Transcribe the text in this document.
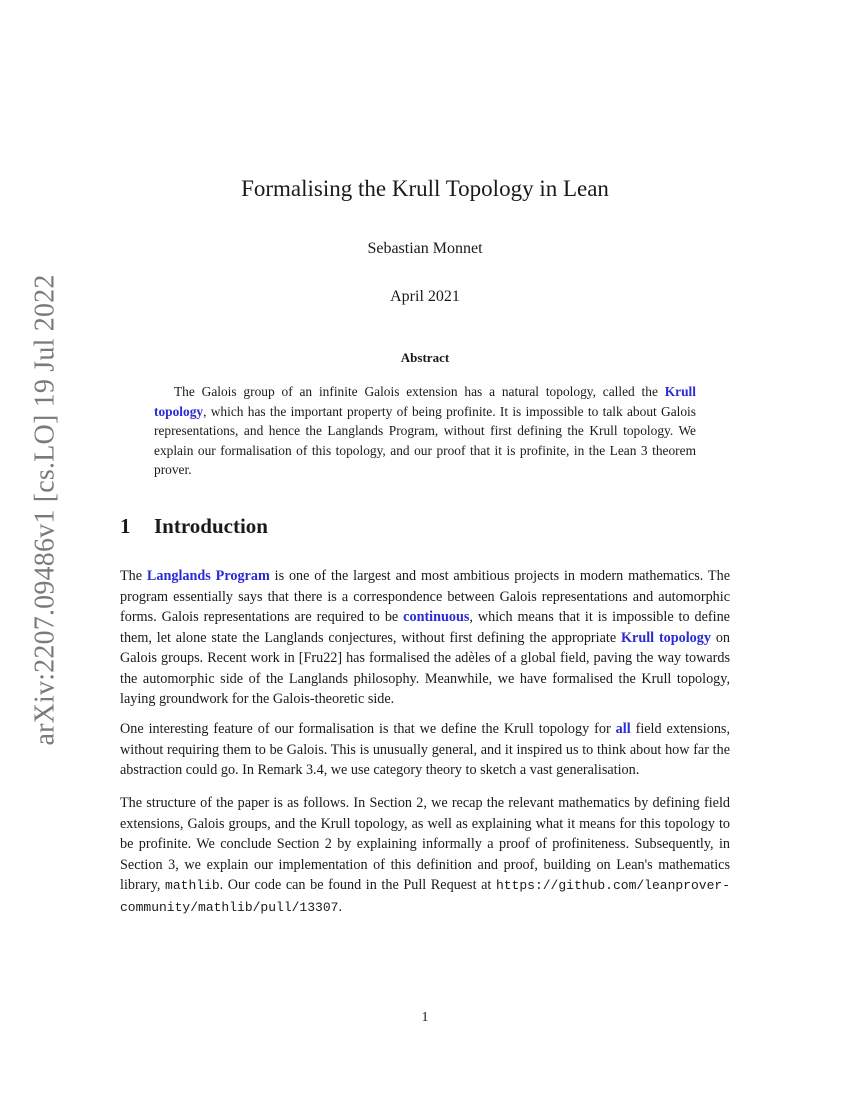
arXiv:2207.09486v1 [cs.LO] 19 Jul 2022
Formalising the Krull Topology in Lean
Sebastian Monnet
April 2021
Abstract

The Galois group of an infinite Galois extension has a natural topology, called the Krull topology, which has the important property of being profinite. It is impossible to talk about Galois representations, and hence the Langlands Program, without first defining the Krull topology. We explain our formalisation of this topology, and our proof that it is profinite, in the Lean 3 theorem prover.

1 Introduction

The Langlands Program is one of the largest and most ambitious projects in modern mathematics. The program essentially says that there is a correspondence between Galois representations and automorphic forms. Galois representations are required to be continuous, which means that it is impossible to define them, let alone state the Langlands conjectures, without first defining the appropriate Krull topology on Galois groups. Recent work in [Fru22] has formalised the adèles of a global field, paving the way towards the automorphic side of the Langlands philosophy. Meanwhile, we have formalised the Krull topology, laying groundwork for the Galois-theoretic side.

One interesting feature of our formalisation is that we define the Krull topology for all field extensions, without requiring them to be Galois. This is unusually general, and it inspired us to think about how far the abstraction could go. In Remark 3.4, we use category theory to sketch a vast generalisation.

The structure of the paper is as follows. In Section 2, we recap the relevant mathematics by defining field extensions, Galois groups, and the Krull topology, as well as explaining what it means for this topology to be profinite. We conclude Section 2 by explaining informally a proof of profiniteness. Subsequently, in Section 3, we explain our implementation of this definition and proof, building on Lean's mathematics library, mathlib. Our code can be found in the Pull Request at https://github.com/leanprover-community/mathlib/pull/13307.

1
